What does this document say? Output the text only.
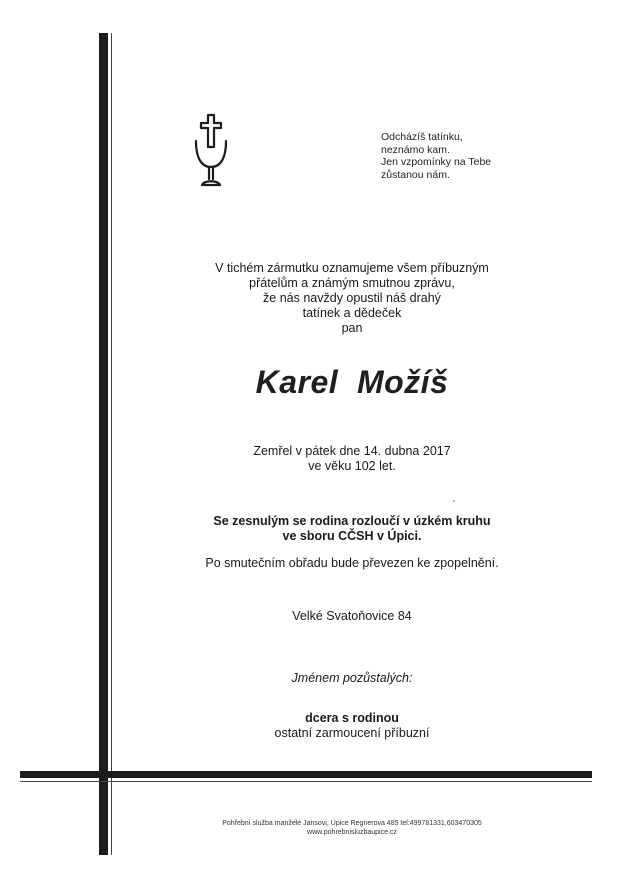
Odcházíš tatínku,
neznámo kam.
Jen vzpomínky na Tebe
zůstanou nám.
V tichém zármutku oznamujeme všem příbuzným
přátelům a známým smutnou zprávu,
že nás navždy opustil náš drahý
tatínek a dědeček
pan
Karel  Možíš
Zemřel v pátek dne 14. dubna 2017
ve věku 102 let.
Se zesnulým se rodina rozloučí v úzkém kruhu
ve sboru CČSH v Úpici.
Po smutečním obřadu bude převezen ke zpopelnění.
Velké Svatoňovice 84
Jménem pozůstalých:
dcera s rodinou
ostatní zarmoucení příbuzní
Pohřební služba manželé Jansovi, Úpice Regnerova 485 tel:499781331,603470305
www.pohrebnisluzbaupice.cz
